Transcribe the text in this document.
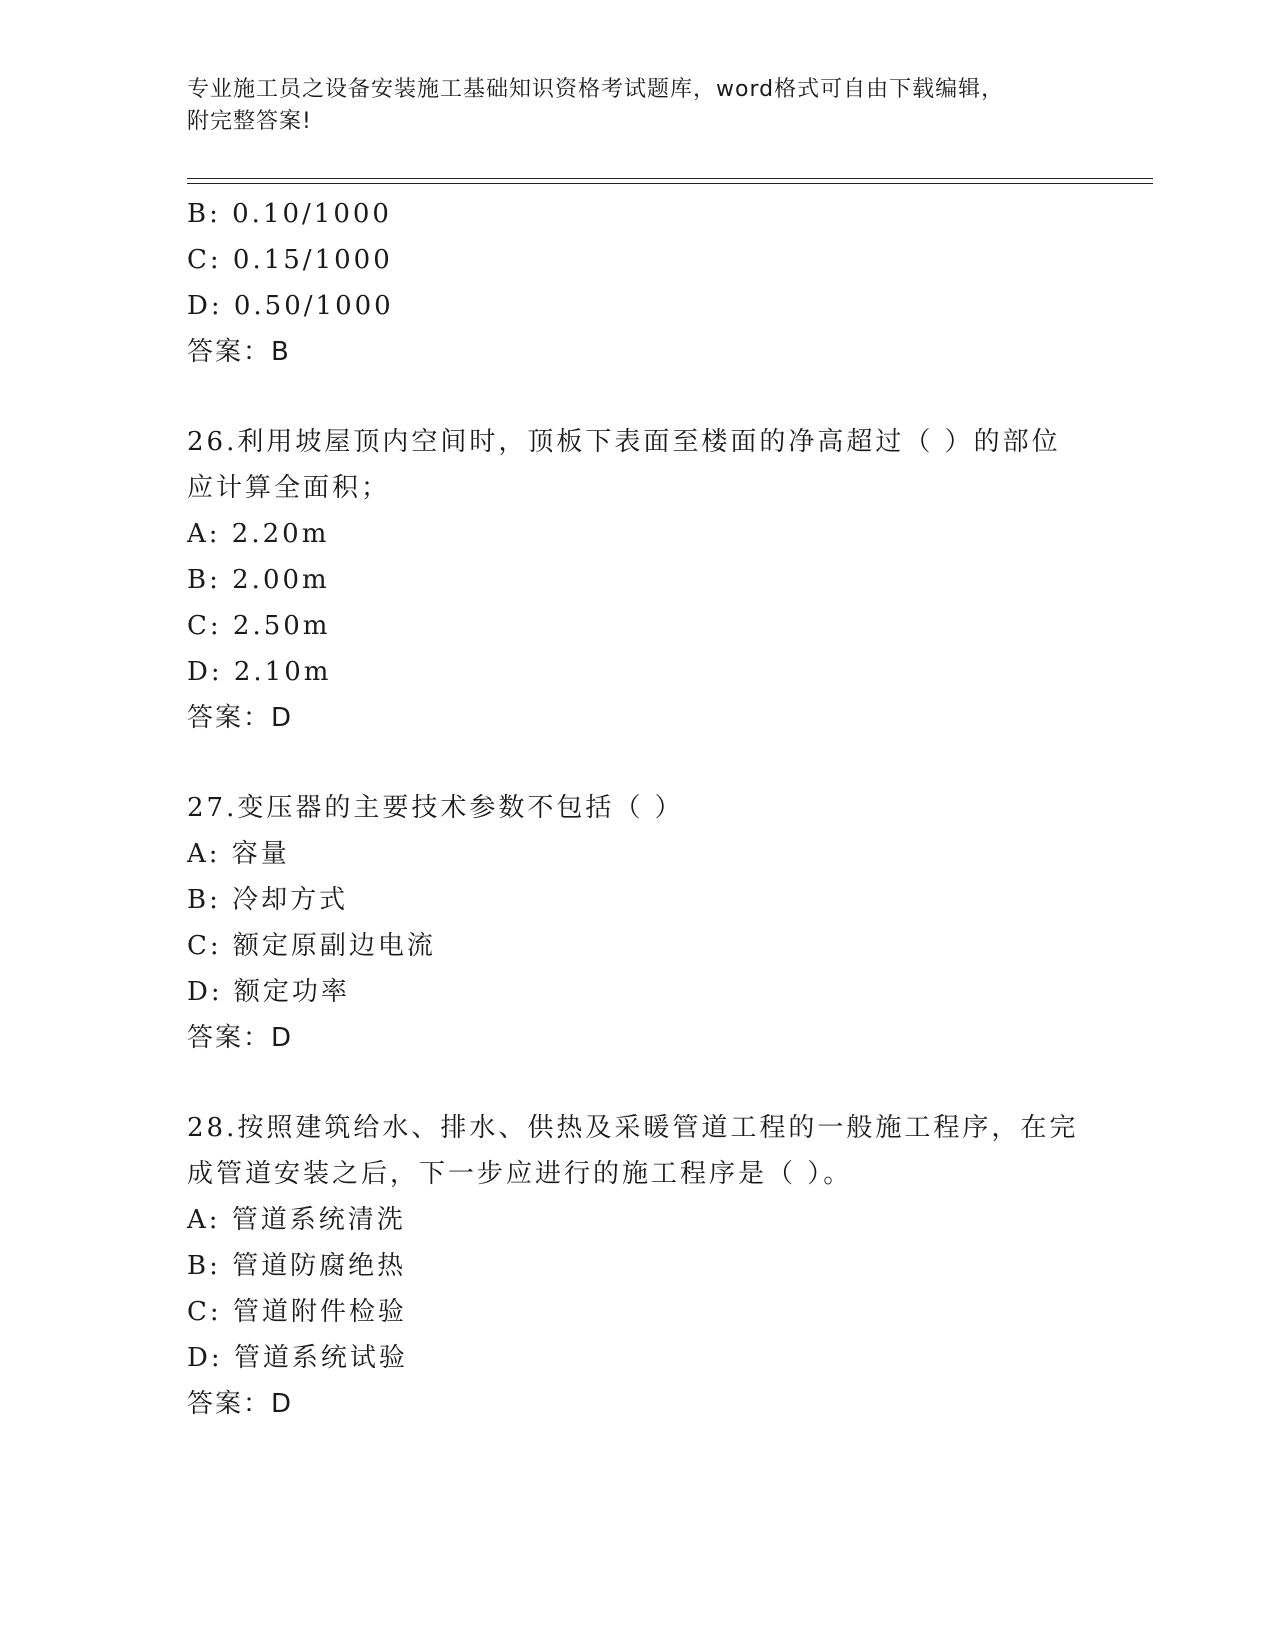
专业施工员之设备安装施工基础知识资格考试题库，word格式可自由下载编辑，
附完整答案!
B: 0.10/1000
C: 0.15/1000
D: 0.50/1000
答案：B
26.利用坡屋顶内空间时，顶板下表面至楼面的净高超过（ ）的部位
应计算全面积；
A: 2.20m
B: 2.00m
C: 2.50m
D: 2.10m
答案：D
27.变压器的主要技术参数不包括（ ）
A: 容量
B: 冷却方式
C: 额定原副边电流
D: 额定功率
答案：D
28.按照建筑给水、排水、供热及采暖管道工程的一般施工程序，在完
成管道安装之后，下一步应进行的施工程序是（ ）。
A: 管道系统清洗
B: 管道防腐绝热
C: 管道附件检验
D: 管道系统试验
答案：D
